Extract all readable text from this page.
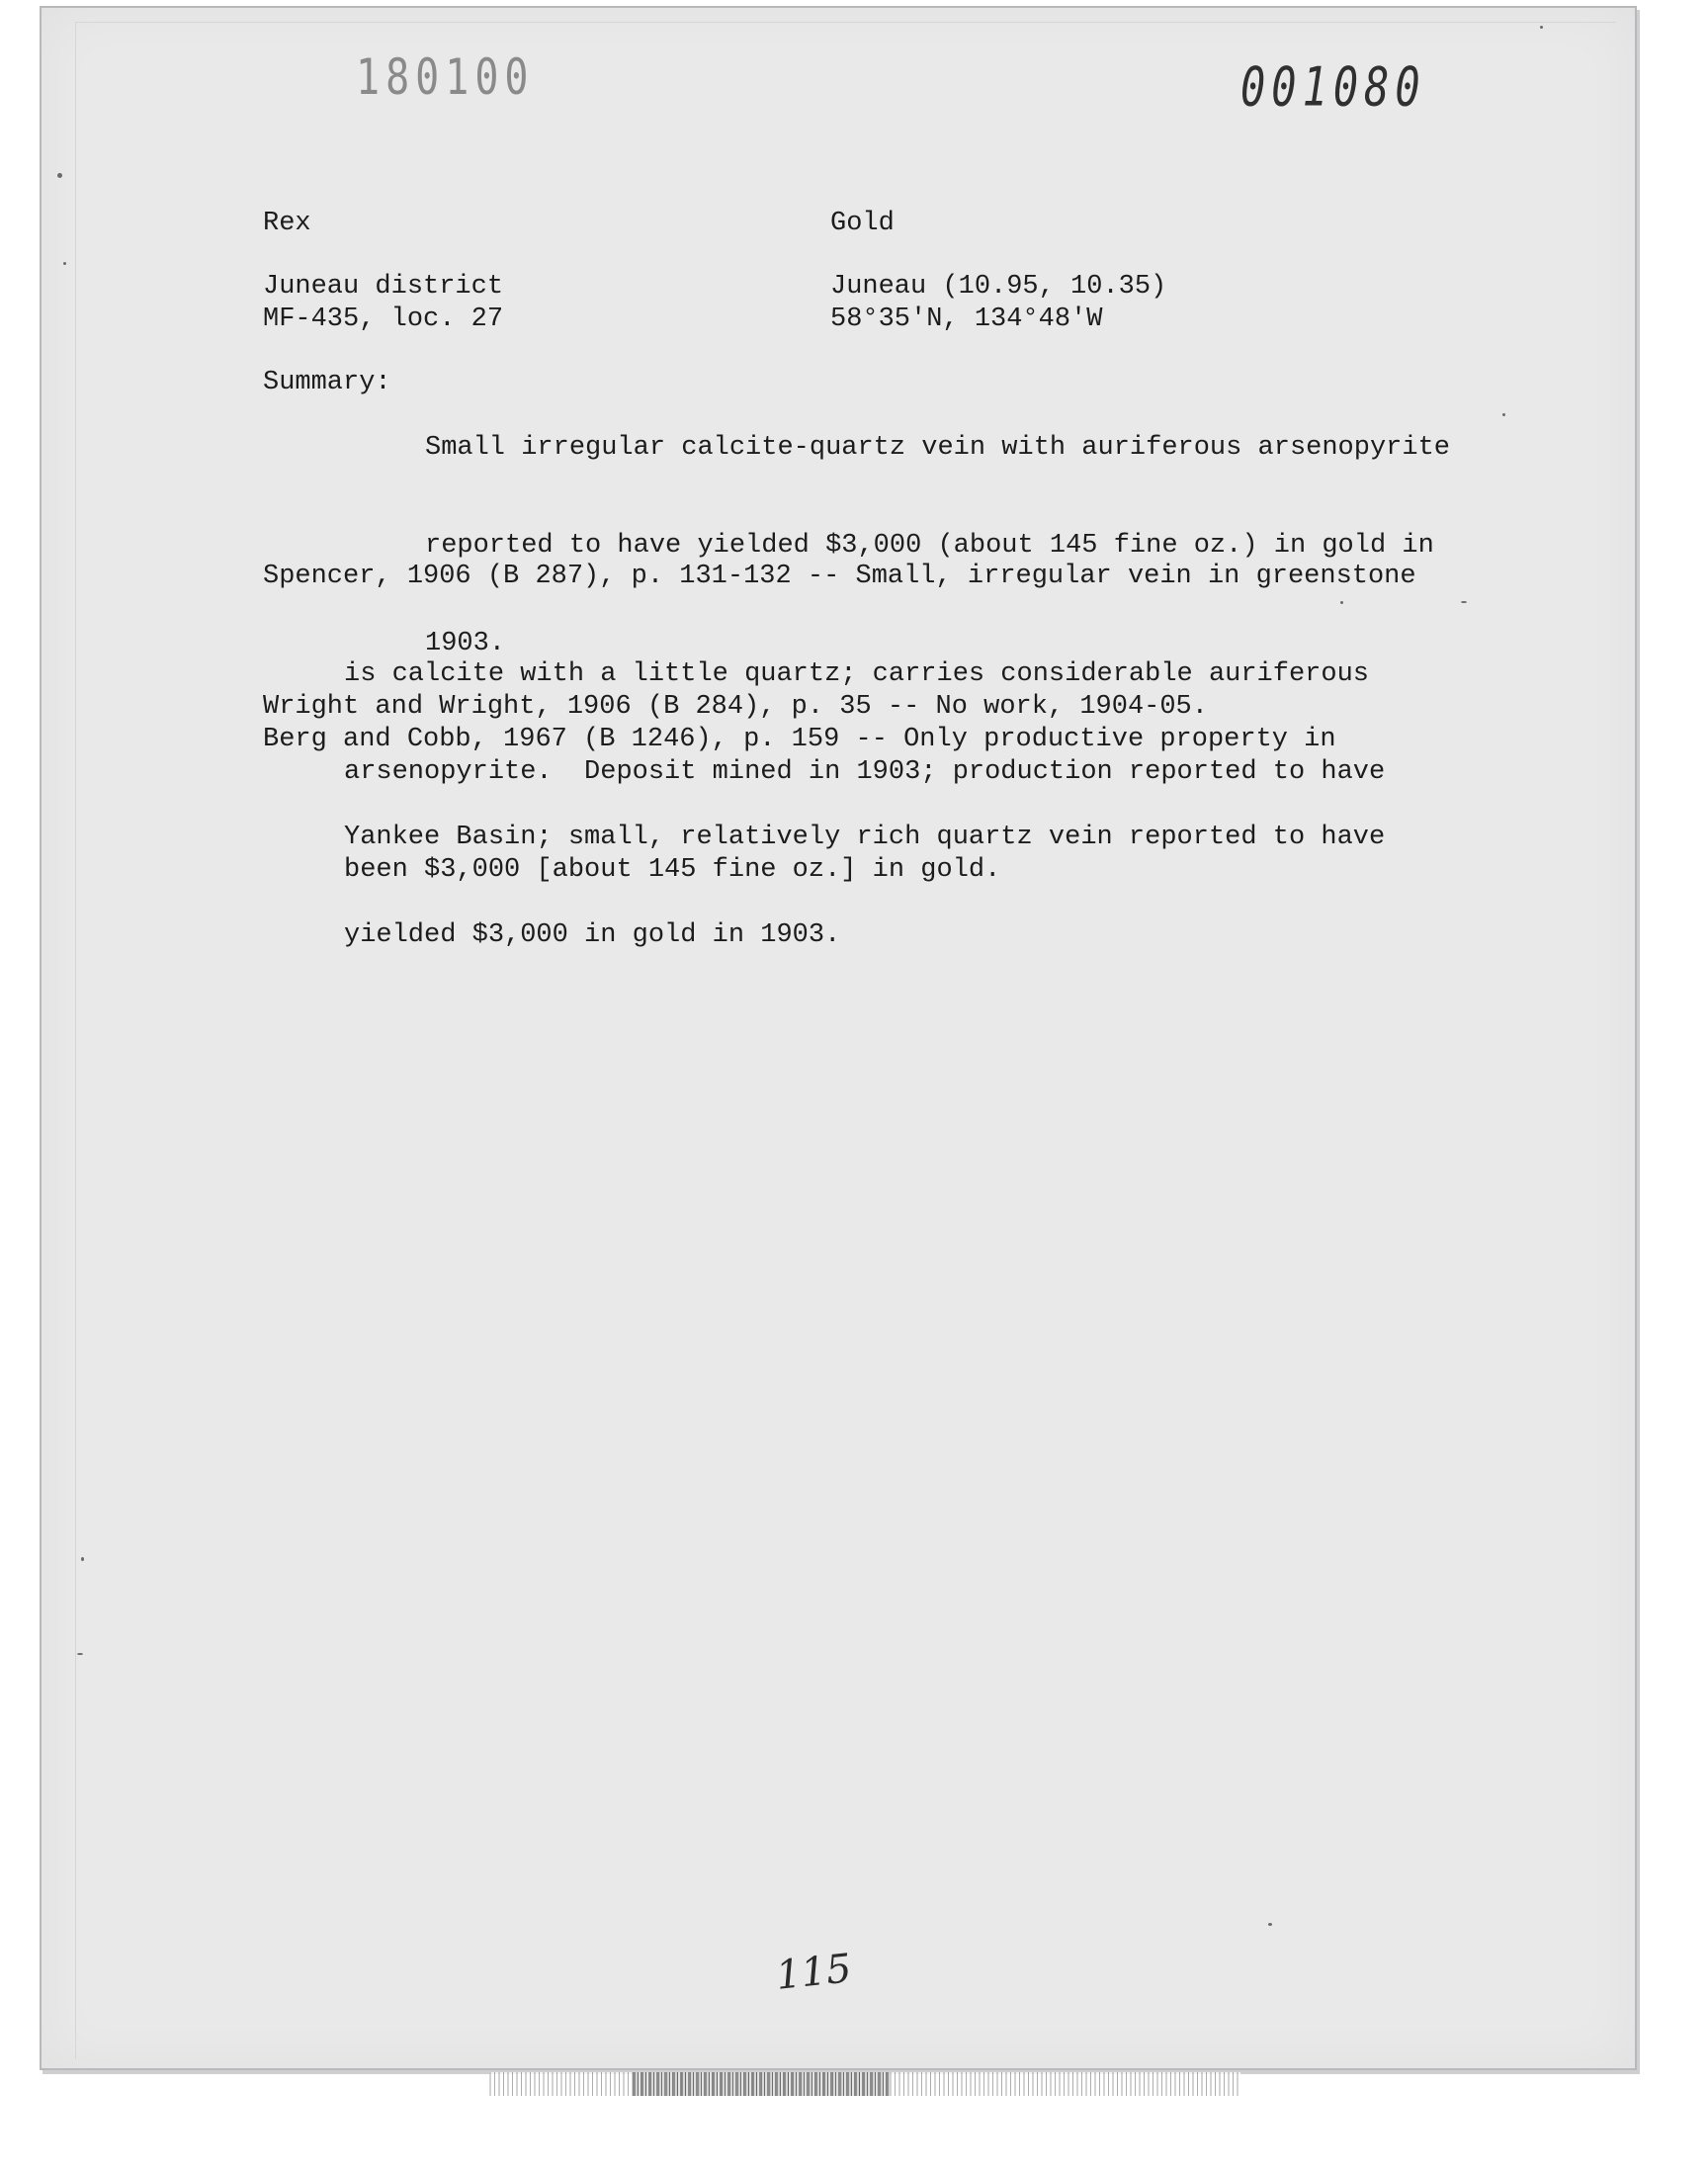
180100	001080

Rex	Gold

Juneau district	Juneau (10.95, 10.35)

MF-435, loc. 27	58°35'N, 134°48'W

Summary:

Small irregular calcite-quartz vein with auriferous arsenopyrite

reported to have yielded $3,000 (about 145 fine oz.) in gold in

1903.

Spencer, 1906 (B 287), p. 131-132 -- Small, irregular vein in greenstone

is calcite with a little quartz; carries considerable auriferous

arsenopyrite.  Deposit mined in 1903; production reported to have

been $3,000 [about 145 fine oz.] in gold.

Wright and Wright, 1906 (B 284), p. 35 -- No work, 1904-05.

Berg and Cobb, 1967 (B 1246), p. 159 -- Only productive property in

Yankee Basin; small, relatively rich quartz vein reported to have

yielded $3,000 in gold in 1903.

115
